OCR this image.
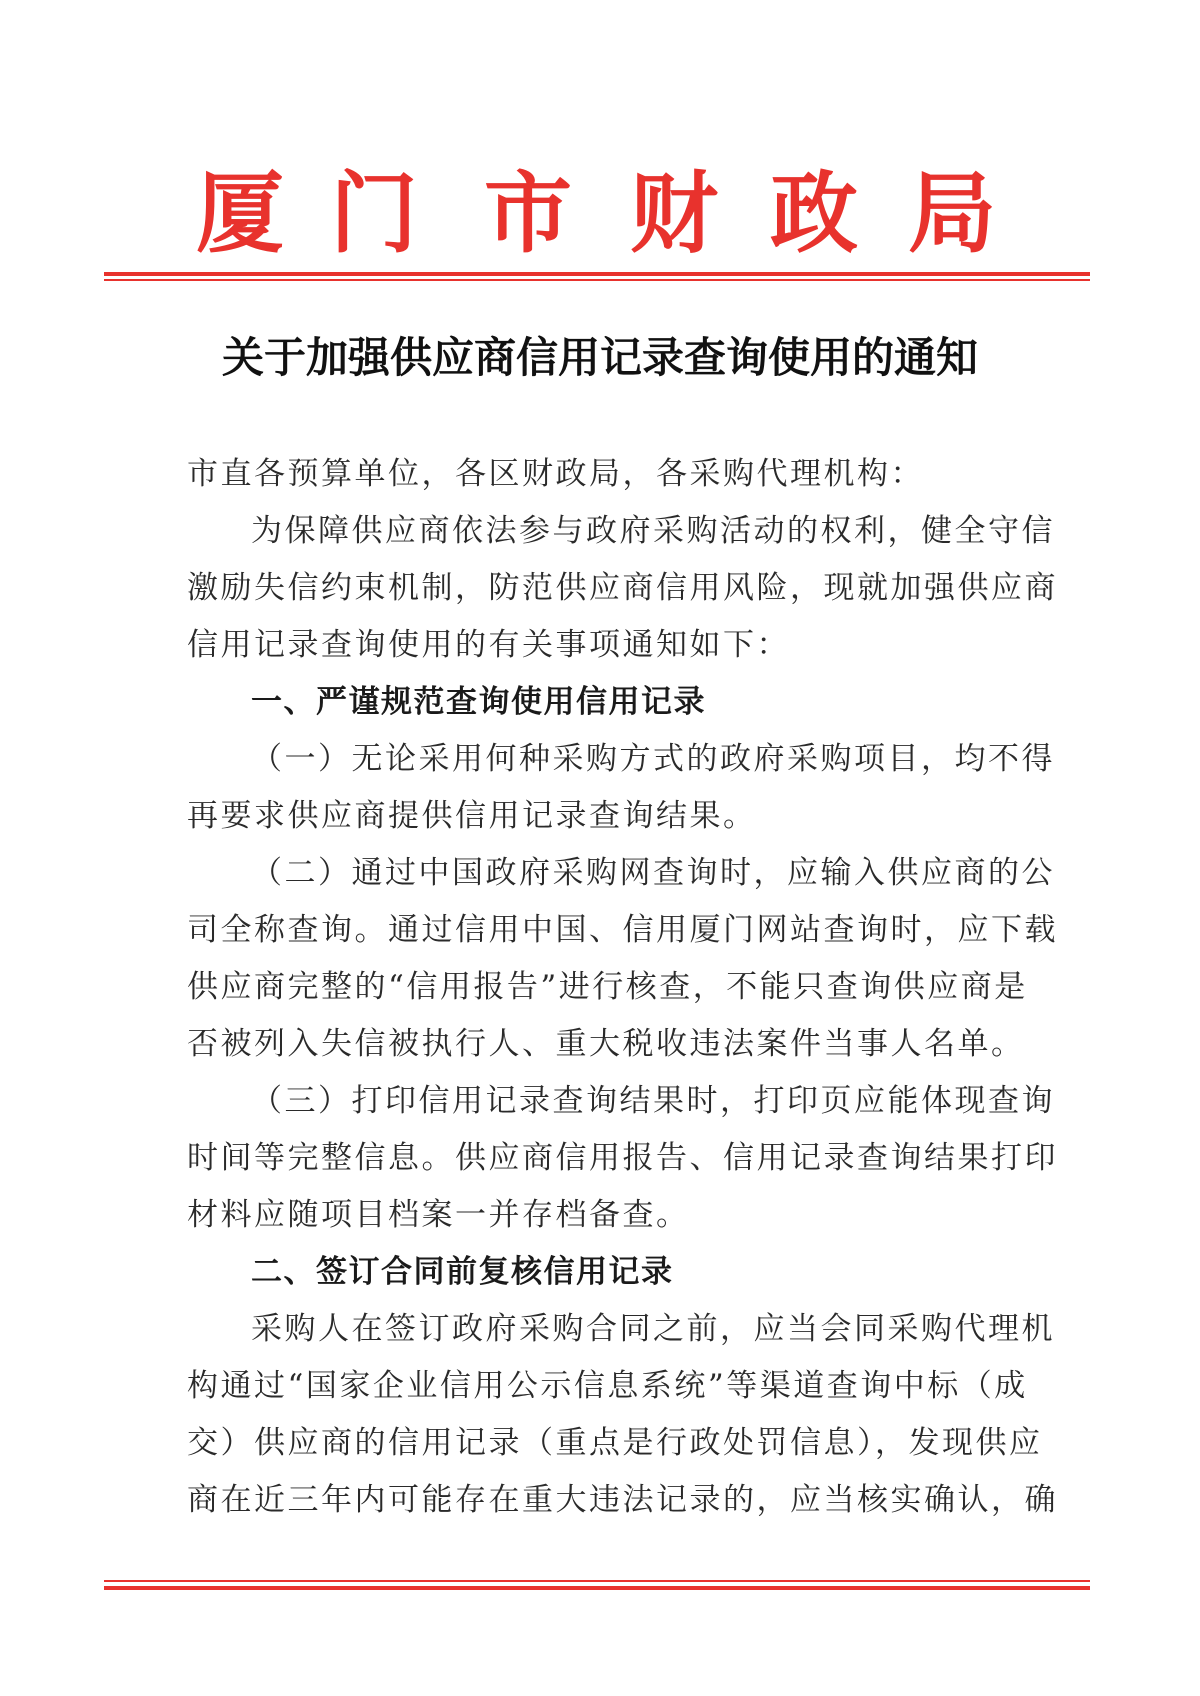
厦 门 市 财 政 局
关于加强供应商信用记录查询使用的通知
市直各预算单位，各区财政局，各采购代理机构：
为保障供应商依法参与政府采购活动的权利，健全守信
激励失信约束机制，防范供应商信用风险，现就加强供应商
信用记录查询使用的有关事项通知如下：
一、严谨规范查询使用信用记录
（一）无论采用何种采购方式的政府采购项目，均不得
再要求供应商提供信用记录查询结果。
（二）通过中国政府采购网查询时，应输入供应商的公
司全称查询。通过信用中国、信用厦门网站查询时，应下载
供应商完整的“信用报告”进行核查，不能只查询供应商是
否被列入失信被执行人、重大税收违法案件当事人名单。
（三）打印信用记录查询结果时，打印页应能体现查询
时间等完整信息。供应商信用报告、信用记录查询结果打印
材料应随项目档案一并存档备查。
二、签订合同前复核信用记录
采购人在签订政府采购合同之前，应当会同采购代理机
构通过“国家企业信用公示信息系统”等渠道查询中标（成
交）供应商的信用记录（重点是行政处罚信息），发现供应
商在近三年内可能存在重大违法记录的，应当核实确认，确
